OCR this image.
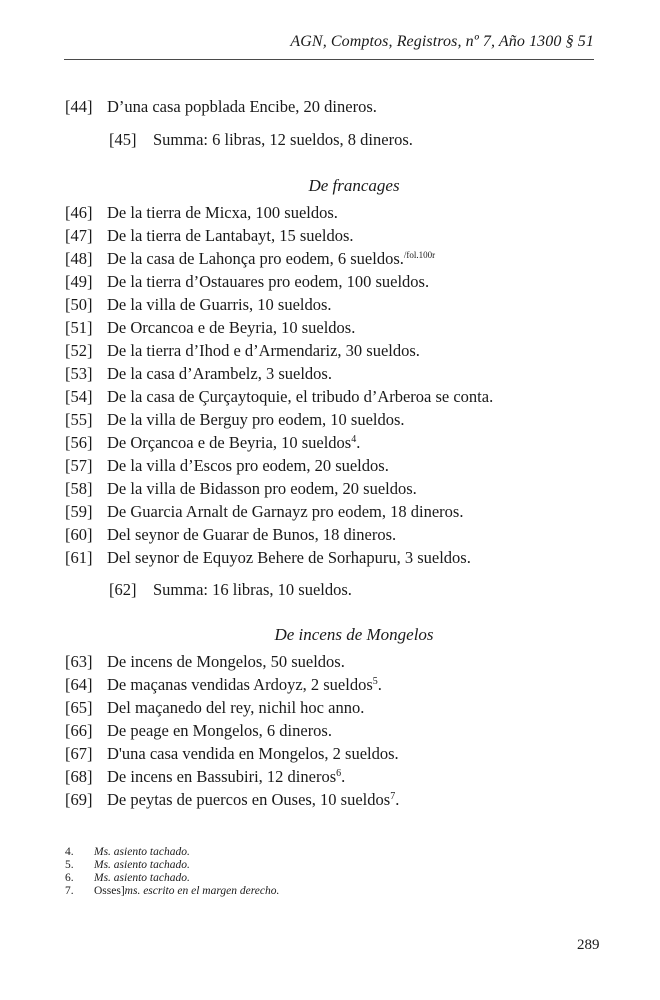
AGN, Comptos, Registros, nº 7, Año 1300 § 51
[44] D’una casa popblada Encibe, 20 dineros.
[45] Summa: 6 libras, 12 sueldos, 8 dineros.
De francages
[46] De la tierra de Micxa, 100 sueldos.
[47] De la tierra de Lantabayt, 15 sueldos.
[48] De la casa de Lahonça pro eodem, 6 sueldos.$^{/fol.100r}$
[49] De la tierra d’Ostauares pro eodem, 100 sueldos.
[50] De la villa de Guarris, 10 sueldos.
[51] De Orcancoa e de Beyria, 10 sueldos.
[52] De la tierra d’Ihod e d’Armendariz, 30 sueldos.
[53] De la casa d’Arambelz, 3 sueldos.
[54] De la casa de Çurçaytoquie, el tribudo d’Arberoa se conta.
[55] De la villa de Berguy pro eodem, 10 sueldos.
[56] De Orçancoa e de Beyria, 10 sueldos$^4$.
[57] De la villa d’Escos pro eodem, 20 sueldos.
[58] De la villa de Bidasson pro eodem, 20 sueldos.
[59] De Guarcia Arnalt de Garnayz pro eodem, 18 dineros.
[60] Del seynor de Guarar de Bunos, 18 dineros.
[61] Del seynor de Equyoz Behere de Sorhapuru, 3 sueldos.
[62] Summa: 16 libras, 10 sueldos.
De incens de Mongelos
[63] De incens de Mongelos, 50 sueldos.
[64] De maçanas vendidas Ardoyz, 2 sueldos$^5$.
[65] Del maçanedo del rey, nichil hoc anno.
[66] De peage en Mongelos, 6 dineros.
[67] D'una casa vendida en Mongelos, 2 sueldos.
[68] De incens en Bassubiri, 12 dineros$^6$.
[69] De peytas de puercos en Ouses, 10 sueldos$^7$.
4. Ms. asiento tachado.
5. Ms. asiento tachado.
6. Ms. asiento tachado.
7. Osses]ms. escrito en el margen derecho.
289
